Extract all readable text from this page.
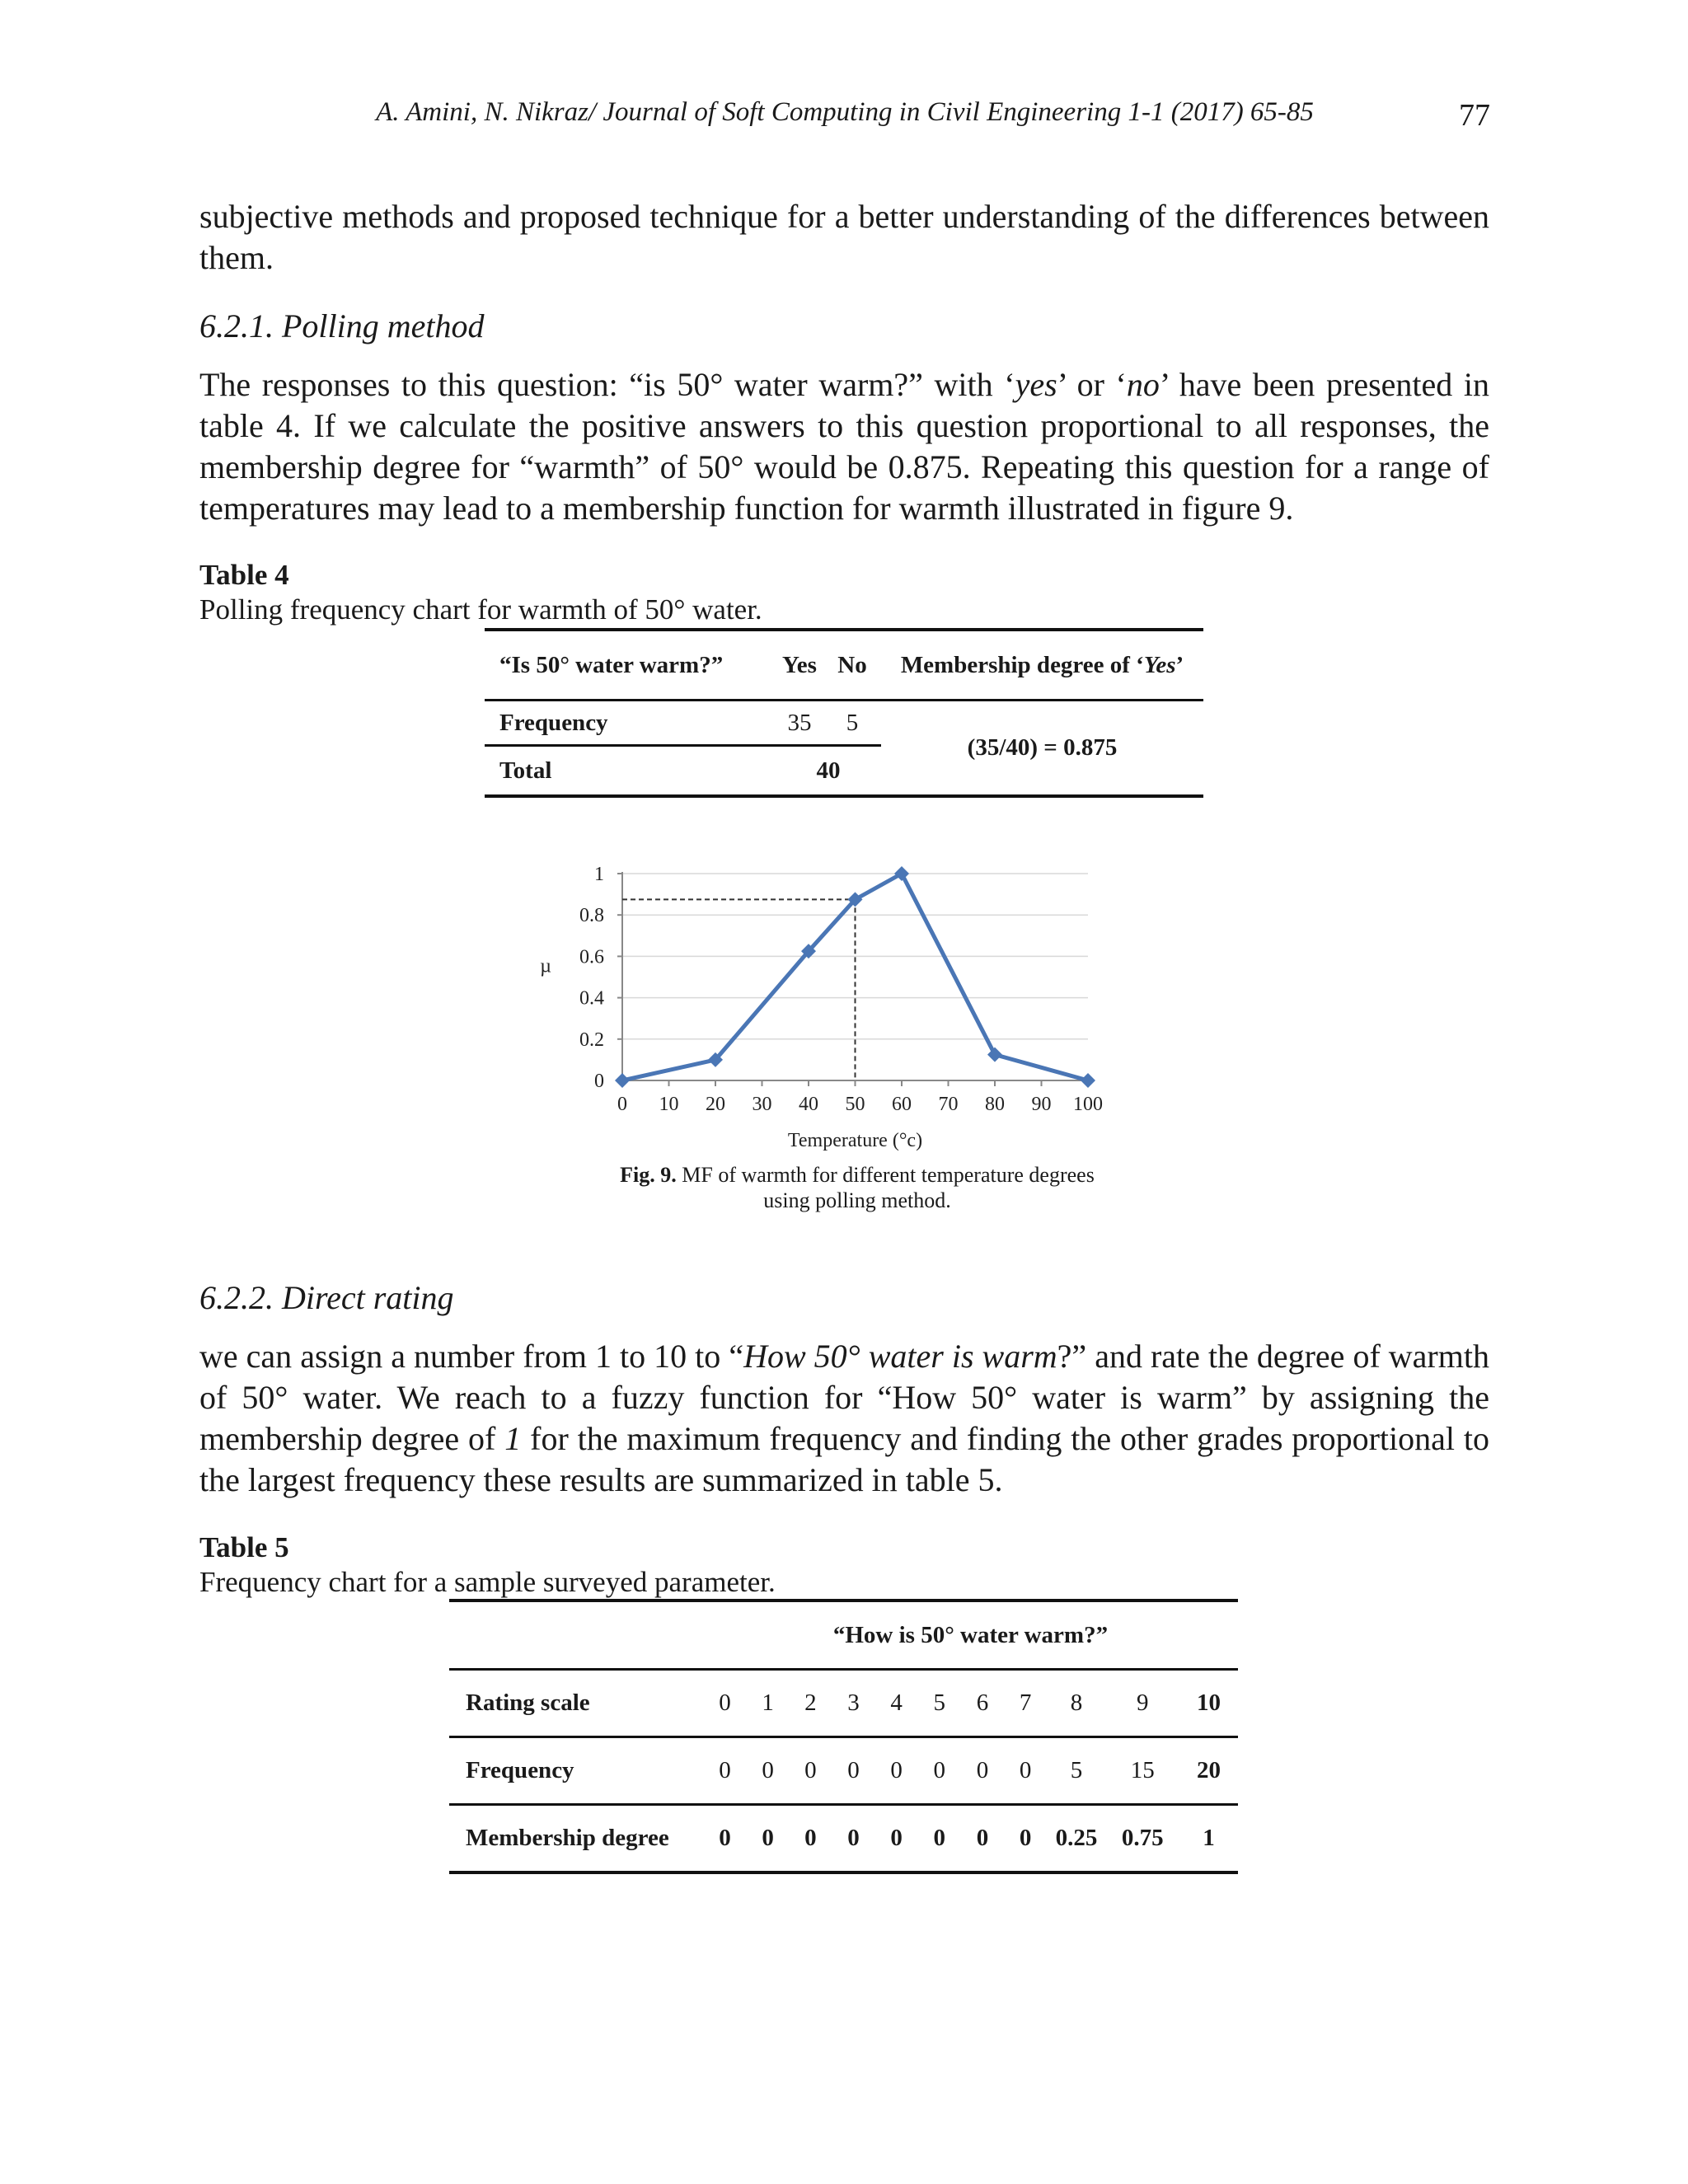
A. Amini, N. Nikraz/ Journal of Soft Computing in Civil Engineering 1-1 (2017) 65-85	77

subjective methods and proposed technique for a better understanding of the differences between them.

6.2.1. Polling method

The responses to this question: “is 50° water warm?” with ‘yes’ or ‘no’ have been presented in table 4. If we calculate the positive answers to this question proportional to all responses, the membership degree for “warmth” of 50° would be 0.875. Repeating this question for a range of temperatures may lead to a membership function for warmth illustrated in figure 9.

Table 4
Polling frequency chart for warmth of 50° water.
“Is 50° water warm?”	Yes	No	Membership degree of ‘Yes’
Frequency	35	5	(35/40) = 0.875
Total	40		
0
0.2
0.4
0.6
0.8
1
0 10 20 30 40 50 60 70 80 90 100
Temperature (°c)
µ
Fig. 9. MF of warmth for different temperature degrees
using polling method.

6.2.2. Direct rating

we can assign a number from 1 to 10 to “How 50° water is warm?” and rate the degree of warmth of 50° water. We reach to a fuzzy function for “How 50° water is warm” by assigning the membership degree of 1 for the maximum frequency and finding the other grades proportional to the largest frequency these results are summarized in table 5.

Table 5
Frequency chart for a sample surveyed parameter.
	“How is 50° water warm?”										
Rating scale	0	1	2	3	4	5	6	7	8	9	10
Frequency	0	0	0	0	0	0	0	0	5	15	20
Membership degree	0	0	0	0	0	0	0	0	0.25	0.75	1
